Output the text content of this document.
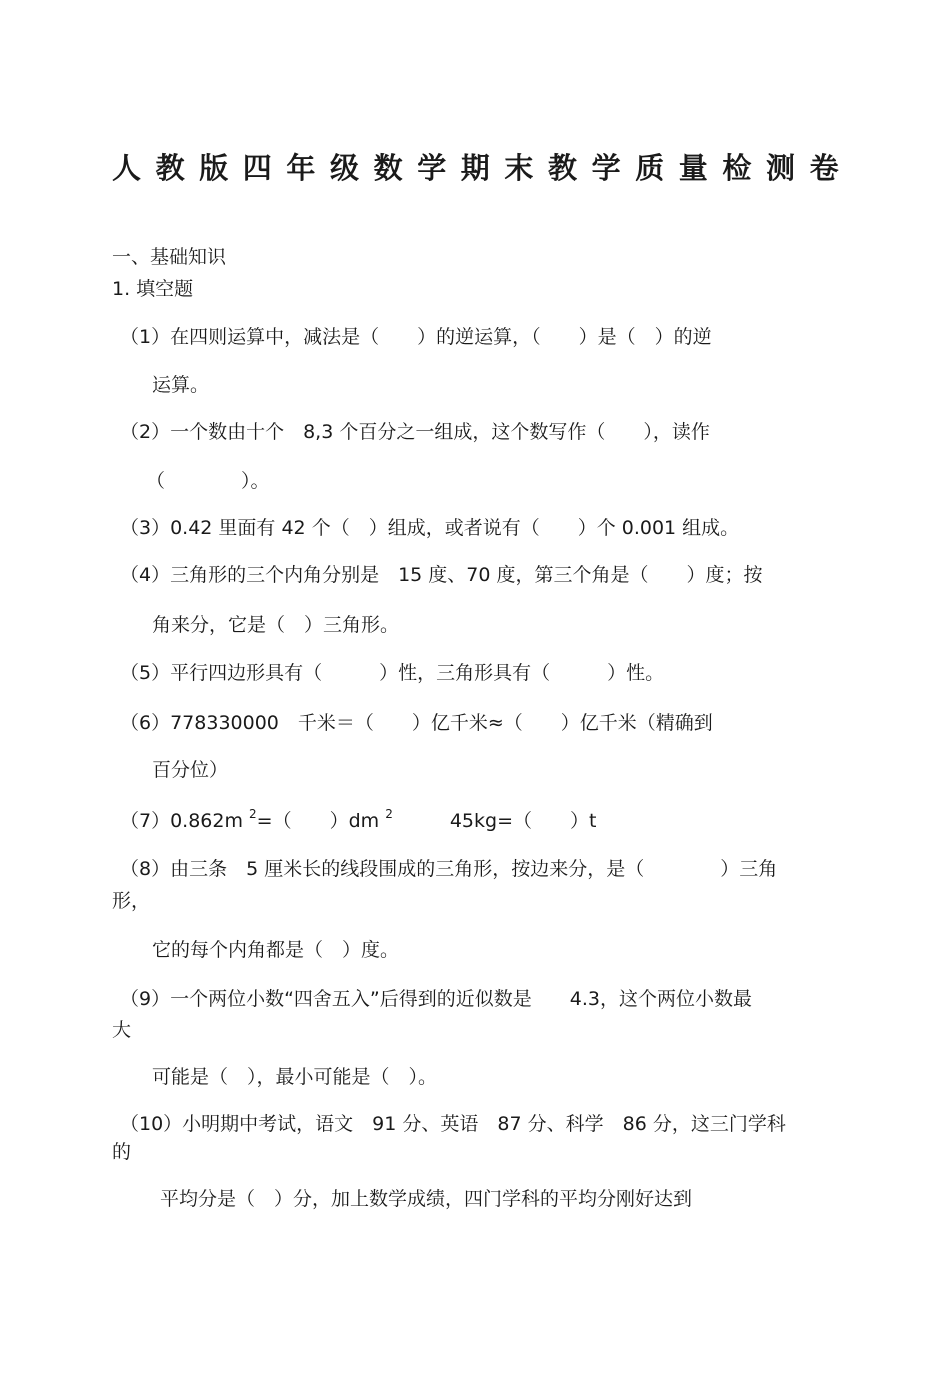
人教版四年级数学期末教学质量检测卷

一、基础知识

1. 填空题

（1）在四则运算中，减法是（　　）的逆运算，（　　）是（　）的逆

运算。

（2）一个数由十个　8,3 个百分之一组成，这个数写作（　　），读作

（　　　　）。

（3）0.42 里面有 42 个（　）组成，或者说有（　　）个 0.001 组成。

（4）三角形的三个内角分别是　15 度、70 度，第三个角是（　　）度；按

角来分，它是（　）三角形。

（5）平行四边形具有（　　　）性，三角形具有（　　　）性。

（6）778330000　千米＝（　　）亿千米≈（　　）亿千米（精确到

百分位）

（7）0.862m $^2$=（　　）dm $^2$　　　45kg=（　　）t

（8）由三条　5 厘米长的线段围成的三角形，按边来分，是（　　　　）三角

形，

它的每个内角都是（　）度。

（9）一个两位小数“四舍五入”后得到的近似数是　　4.3，这个两位小数最

大

可能是（　），最小可能是（　）。

（10）小明期中考试，语文　91 分、英语　87 分、科学　86 分，这三门学科

的

平均分是（　）分，加上数学成绩，四门学科的平均分刚好达到
